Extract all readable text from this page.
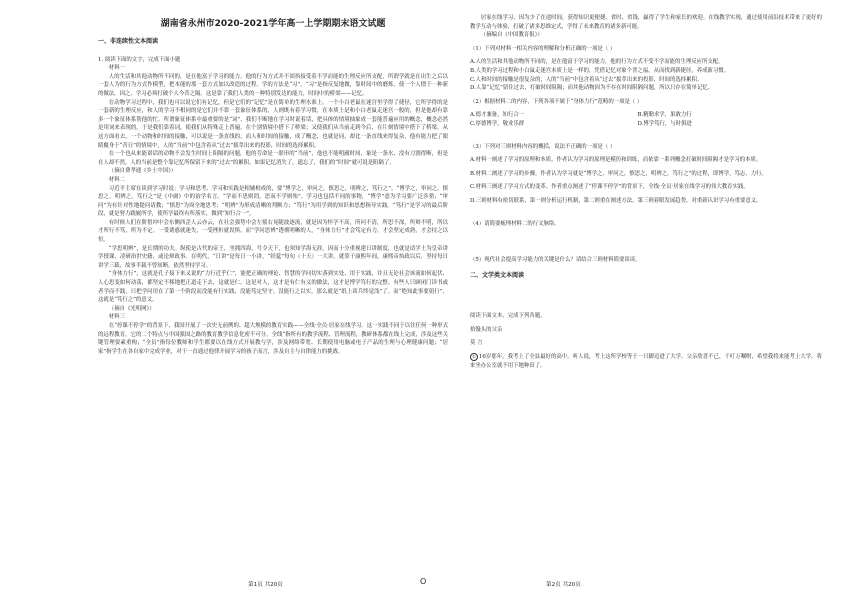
湖南省永州市2020-2021学年高一上学期期末语文试题
一、非连续性文本阅读

1. 阅读下面的文字，完成下面小题

材料一

人的生活和其他动物所不同的，是在他富于学习的能力。他的行为方式并不固执接受着不学而能的生理反应所支配，所谓学就是在出生之后以一套人为的行为方式作模型，把本能的那一套方式加以改造的过程。学的方法是“习”。“习”是指反复地做，靠时间中的磨炼，使一个人惯于一种新的做法。因之，学习必须打破个人今昔之隔。这是靠了我们人类的一种特别发达的能力，时间中的桥梁——记忆。

在动物学习过程中，我们也可以说它们有记忆，但是它们的“记忆”是在简单的生理水准上。一个小白老鼠在迷宫里学得了捷径，它所学得的是一套新的生理反应，和人的学习不相同的是它们并不靠一套象征体系的，人则既有着学习惯，在本质上是和小白老鼠走迷宫一般的，但是他却有靠多一个象征体系帮他的忙。所谓象征体系中最重要的是“词”，我们不断地在学习时说着话，把具体的情境抽象成一套能普遍应用的概念，概念必然是用词来表现的，于是我们靠着词，使我们从特殊走上普遍，在个别情境中搭下了桥梁；又使我们从当前走到今后，在片刻情境中搭下了桥梁。从这方面看去，一个动物和时间的接触，可以说是一条直线的，而人和时间的接触，成了概念，也就是词，却比一条直线来得复杂，他有能力把了眼睛覆身于“昔日”的情境中，人的“当前”中包含着从“过去”拔萃出来的投影，时间的选择累积。

在一个也从来能诺话的动物不会发生时间上阻隔的问题，他的劳命是一联串的“当前”，他也不能明澈时间，象是一条水，没有刀割得断，但是在人却不然。人的当前是整个靠记忆所保留下来的“过去”的累积。如果记忆消失了，遗忘了，我们的“时间”就可说是阻隔了。

（摘自费孝通《乡土中国》）

材料二

习近平主席在谈到学习时说：学习和思考、学习和实践是相辅相成的，要“博学之，审问之，慎思之，明辨之，笃行之”。“博学之，审问之，慎思之，明辨之，笃行之”是《中庸》中的治学名言。“学而不思则罔，思而不学则殆”。学习也包括不同的事物，“博学”意为学习要广泛涉猎；“审问”为有针对性地提问请教；“慎思”为周全地思考；“明辨”为形成清晰的判断力；“笃行”为用学到的知识和思想指导实践。“笃行”是学习的最后阶段，就是努力践履所学，使所学最终有所落实，做到“知行合一”。

有时候人们在阶借冲中会东侧西歪人云亦云，在社会强势中会左摇右晃随波逐流，就是因为怀学不高，所问不清，所思不深，所辩不明，所以才所行不笃，所为不定。一受诱惑就迷失，一受挫折就畏惧。而“学问思辨”透彻明晰的人，“身体力行”才会笃定有力，才会坚定成熟，才会持之以恒。

“学思明辨”，是长期的功夫。纵使是古代的帝王，坐拥四海，号令天下，也须知学海无涯，因而十分重视建日讲制度，也就是请学士为皇帝讲学授课，凌研治世史籍，或论辩政事。在明代，“日讲”是每日一小讲，“经筵”每旬（十天）一大讲。就算于康熙年间，康熙帝执政以后，坚持每日讲学三载，故事半载不曾间断，依然坚持学习。

“身体力行”，这就是孔子接下来又说的“力行近乎仁”，能把正确的理论、智慧的学问切实落到实处、用于实践，并且无论社会该流如何起伏、人心思变如何动荡，都坚定不移地把正道走下去，这就是仁。这是对人，这才是有仁有义的做法，这才是博学笃行的完整。有些人只顾闭门读书或者学而不践，只把学问用在了第一个阶段而没能有行实践、没能笃定坚守。没能行之以实，那么就是“纸上谈兵终觉浅”了。而“绝知此事要躬行”，这就是“笃行之”的意义。

（摘自《光明网》）

材料三

在“停课不停学”的背景下，我国开展了一次史无前例的、超大规模的教育实践——全线·全员·居家在线学习。这一实践不同于以往任何一种形式的远程教育，它的二个特点与中国强国之路的教育教学信息化密不可分。全线“指所有的教学流程、管理流程，教研体系都在线上完成，涉及这些关键管理要素重构；“全员”指每位教师和学生都要以在线方式开展教与学，涉及网络带宽、长期使用电脑或电子产品的生理与心理健康问题；“居家”指学生在各自家中完成学业，对于一直通过他律开展学习的孩子而言，涉及自主与自律能力的挑战。

居家在线学习，因为少了在途时间，获得知识更便捷、省时、省钱，赢得了学生和家长的欢迎。在线教学实现，通过使用前沿技术带来了更好的教学互动与体验，打破了诸多思维定式，学得了未来教育的诸多新可能。

（摘编自《中国教育报》）

（1）下列对材料一相关内容的理解和分析正确的一项是（ ）

A.人的生活和其他动物所不同的，是在他富于学习的能力，他的行为方式不受不学而能的生理反应所支配。

B.人类的学习过程和小白鼠走迷宫本质上是一样的，凭借记忆对象个普之福，从而找到新捷径，养成新习惯。

C.人和时间的接触是很复杂的，人的“当前”中包含着从“过去”拔萃出来的投影，时间的选择累积。

D.人靠“记忆”留住过去，打破时间阻隔；而其他动物因为不存在时间阻隔问题，所以只存在简单记忆。

（2）根据材料二的内容，下列各项不属于“身体力行”范畴的一项是（ ）

A.德才兼备，知行合一	B.精勤求学，果敢力行
C.厚德博学，敬业乐群	D.博学笃行，与时俱进

（3）下列对三则材料内容的概括，说法不正确的一项是（ ）

A.材料一阐述了学习的原理和本质。作者认为学习的原理是模仿和训练，而依靠一系列概念打破时间阻隔才是学习的本质。

B.材料二阐述了学习的步骤。作者认为学习就是“博学之，审问之，慎思之，明辨之，笃行之”的过程，即博学，笃志，力行。

C.材料三阐述了学习方式的变革。作者重点阐述了“停课不停学”的背景下，全线·全员·居家在线学习的伟大教育实践。

D.三则材料有密切联系，第一则分析运行机制，第二则重在阐述方法，第三则着眼发展趋势，对重新认识学习有重要意义。

（4）请简要梳理材料二的行文脉络。

（5）现代社会提高学习能力的关键是什么？请结合三则材料简要谈谈。

二、文学类文本阅读

阅读下面文本，完成下列各题。

拾馒头的父亲

莫 言

① 16岁那年，我考上了全县最好的高中。听人说，考上这所学校等于一只脚迈进了大学。父亲欣喜不已，千叮万嘱咐，希望我将来能考上大学，将来坐办公室就不用下地种田了。

第1页 共20页	O	第2页 共20页
